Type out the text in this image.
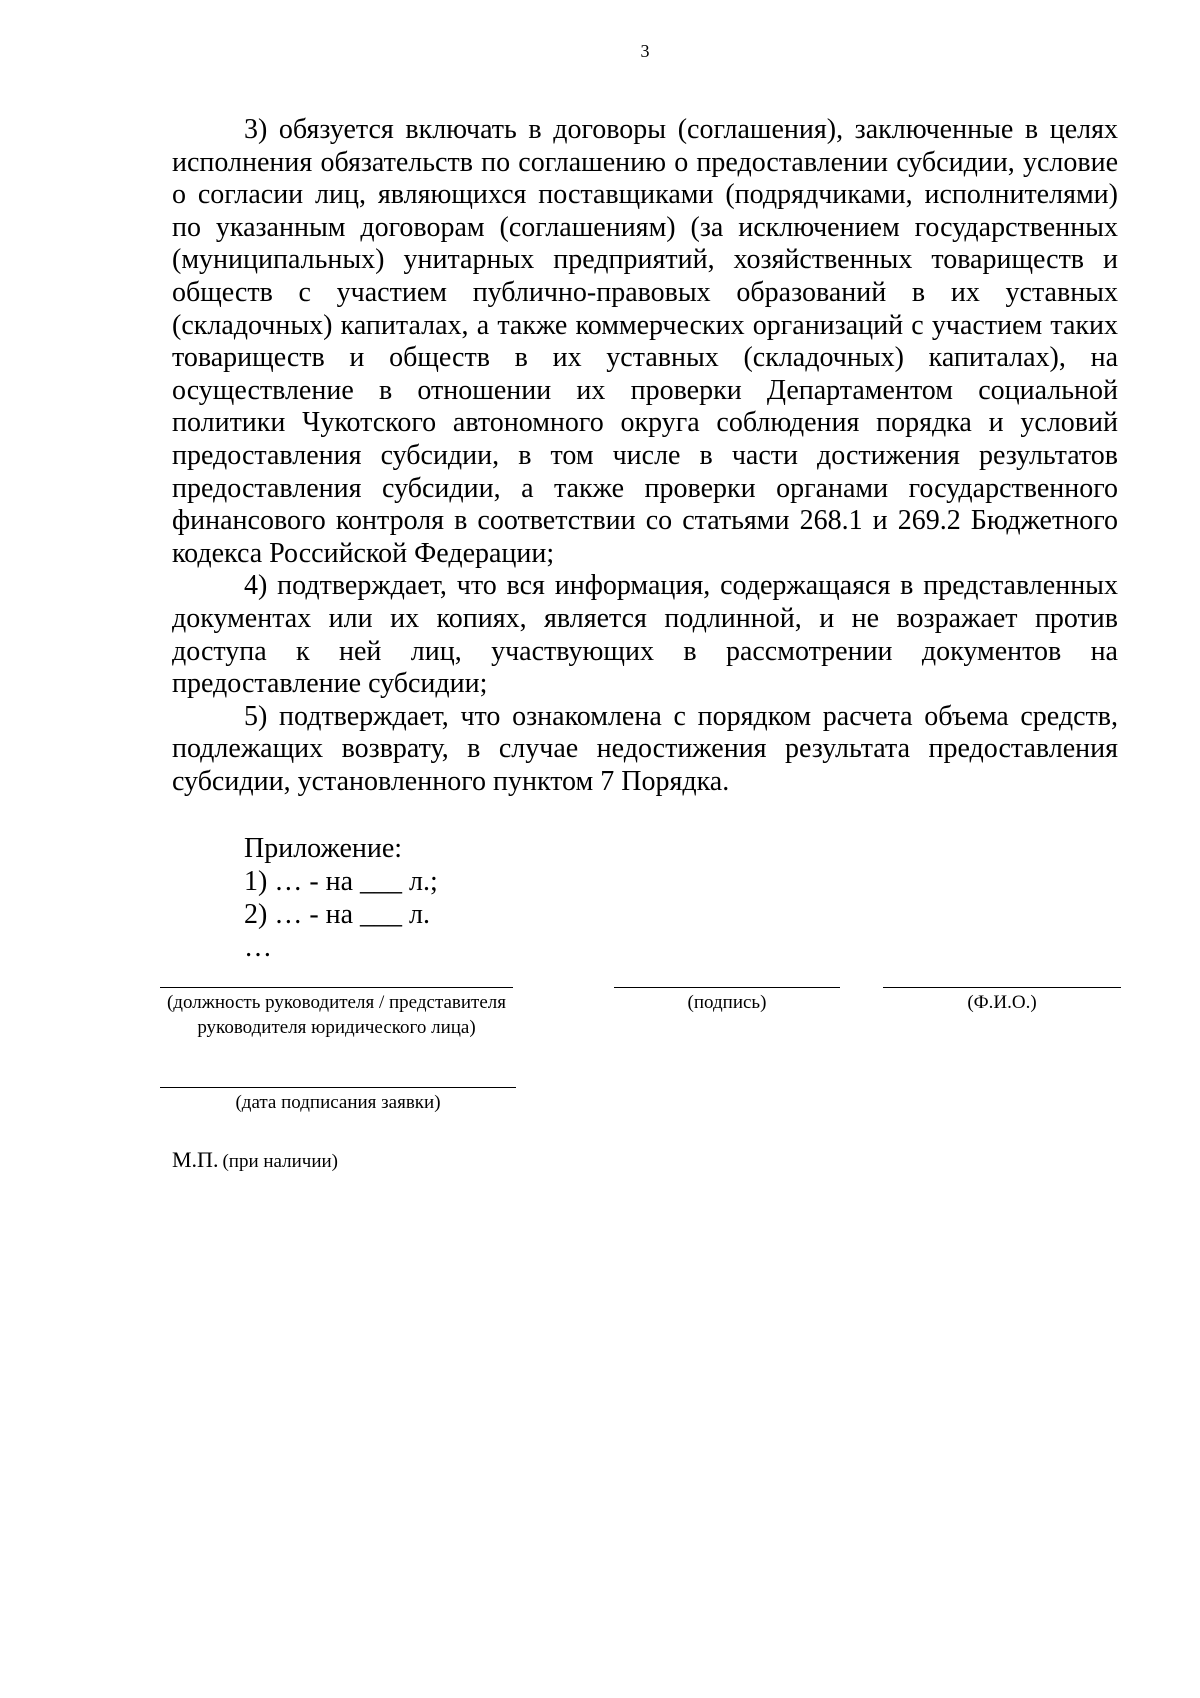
3

3) обязуется включать в договоры (соглашения), заключенные в целях исполнения обязательств по соглашению о предоставлении субсидии, условие о согласии лиц, являющихся поставщиками (подрядчиками, исполнителями) по указанным договорам (соглашениям) (за исключением государственных (муниципальных) унитарных предприятий, хозяйственных товариществ и обществ с участием публично-правовых образований в их уставных (складочных) капиталах, а также коммерческих организаций с участием таких товариществ и обществ в их уставных (складочных) капиталах), на осуществление в отношении их проверки Департаментом социальной политики Чукотского автономного округа соблюдения порядка и условий предоставления субсидии, в том числе в части достижения результатов предоставления субсидии, а также проверки органами государственного финансового контроля в соответствии со статьями 268.1 и 269.2 Бюджетного кодекса Российской Федерации;

4) подтверждает, что вся информация, содержащаяся в представленных документах или их копиях, является подлинной, и не возражает против доступа к ней лиц, участвующих в рассмотрении документов на предоставление субсидии;

5) подтверждает, что ознакомлена с порядком расчета объема средств, подлежащих возврату, в случае недостижения результата предоставления субсидии, установленного пунктом 7 Порядка.

Приложение:
1) … - на ___ л.;
2) … - на ___ л.
…
(должность руководителя / представителя руководителя юридического лица)
(подпись)	(Ф.И.О.)
(дата подписания заявки)
М.П. (при наличии)
